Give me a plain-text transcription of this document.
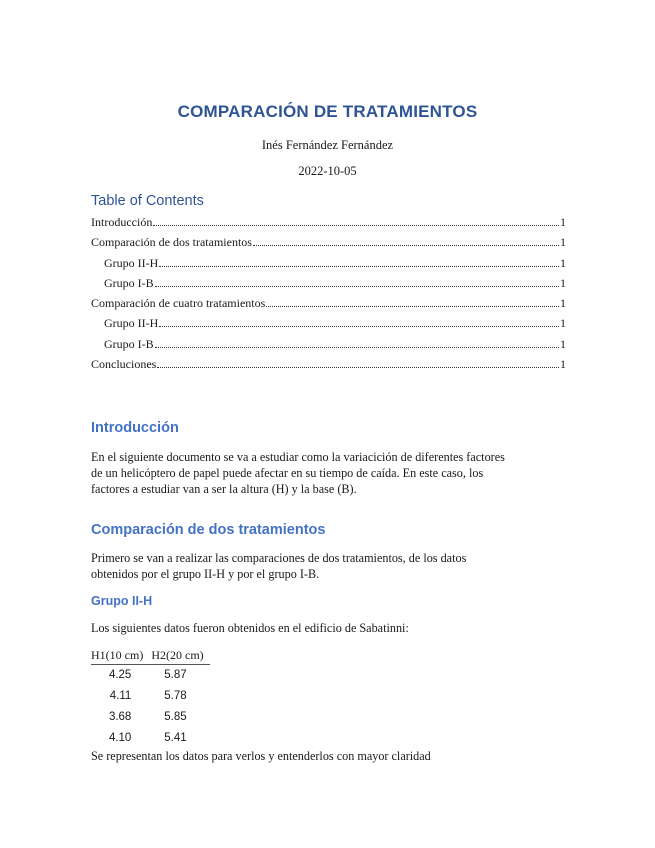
COMPARACIÓN DE TRATAMIENTOS
Inés Fernández Fernández
2022-10-05
Table of Contents
Introducción	1
Comparación de dos tratamientos	1
Grupo II-H	1
Grupo I-B	1
Comparación de cuatro tratamientos	1
Grupo II-H	1
Grupo I-B	1
Concluciones	1
Introducción
En el siguiente documento se va a estudiar como la variacición de diferentes factores
de un helicóptero de papel puede afectar en su tiempo de caída. En este caso, los
factores a estudiar van a ser la altura (H) y la base (B).
Comparación de dos tratamientos
Primero se van a realizar las comparaciones de dos tratamientos, de los datos
obtenidos por el grupo II-H y por el grupo I-B.
Grupo II-H
Los siguientes datos fueron obtenidos en el edificio de Sabatinni:
H1(10 cm)	H2(20 cm)
4.25	5.87
4.11	5.78
3.68	5.85
4.10	5.41
Se representan los datos para verlos y entenderlos con mayor claridad
